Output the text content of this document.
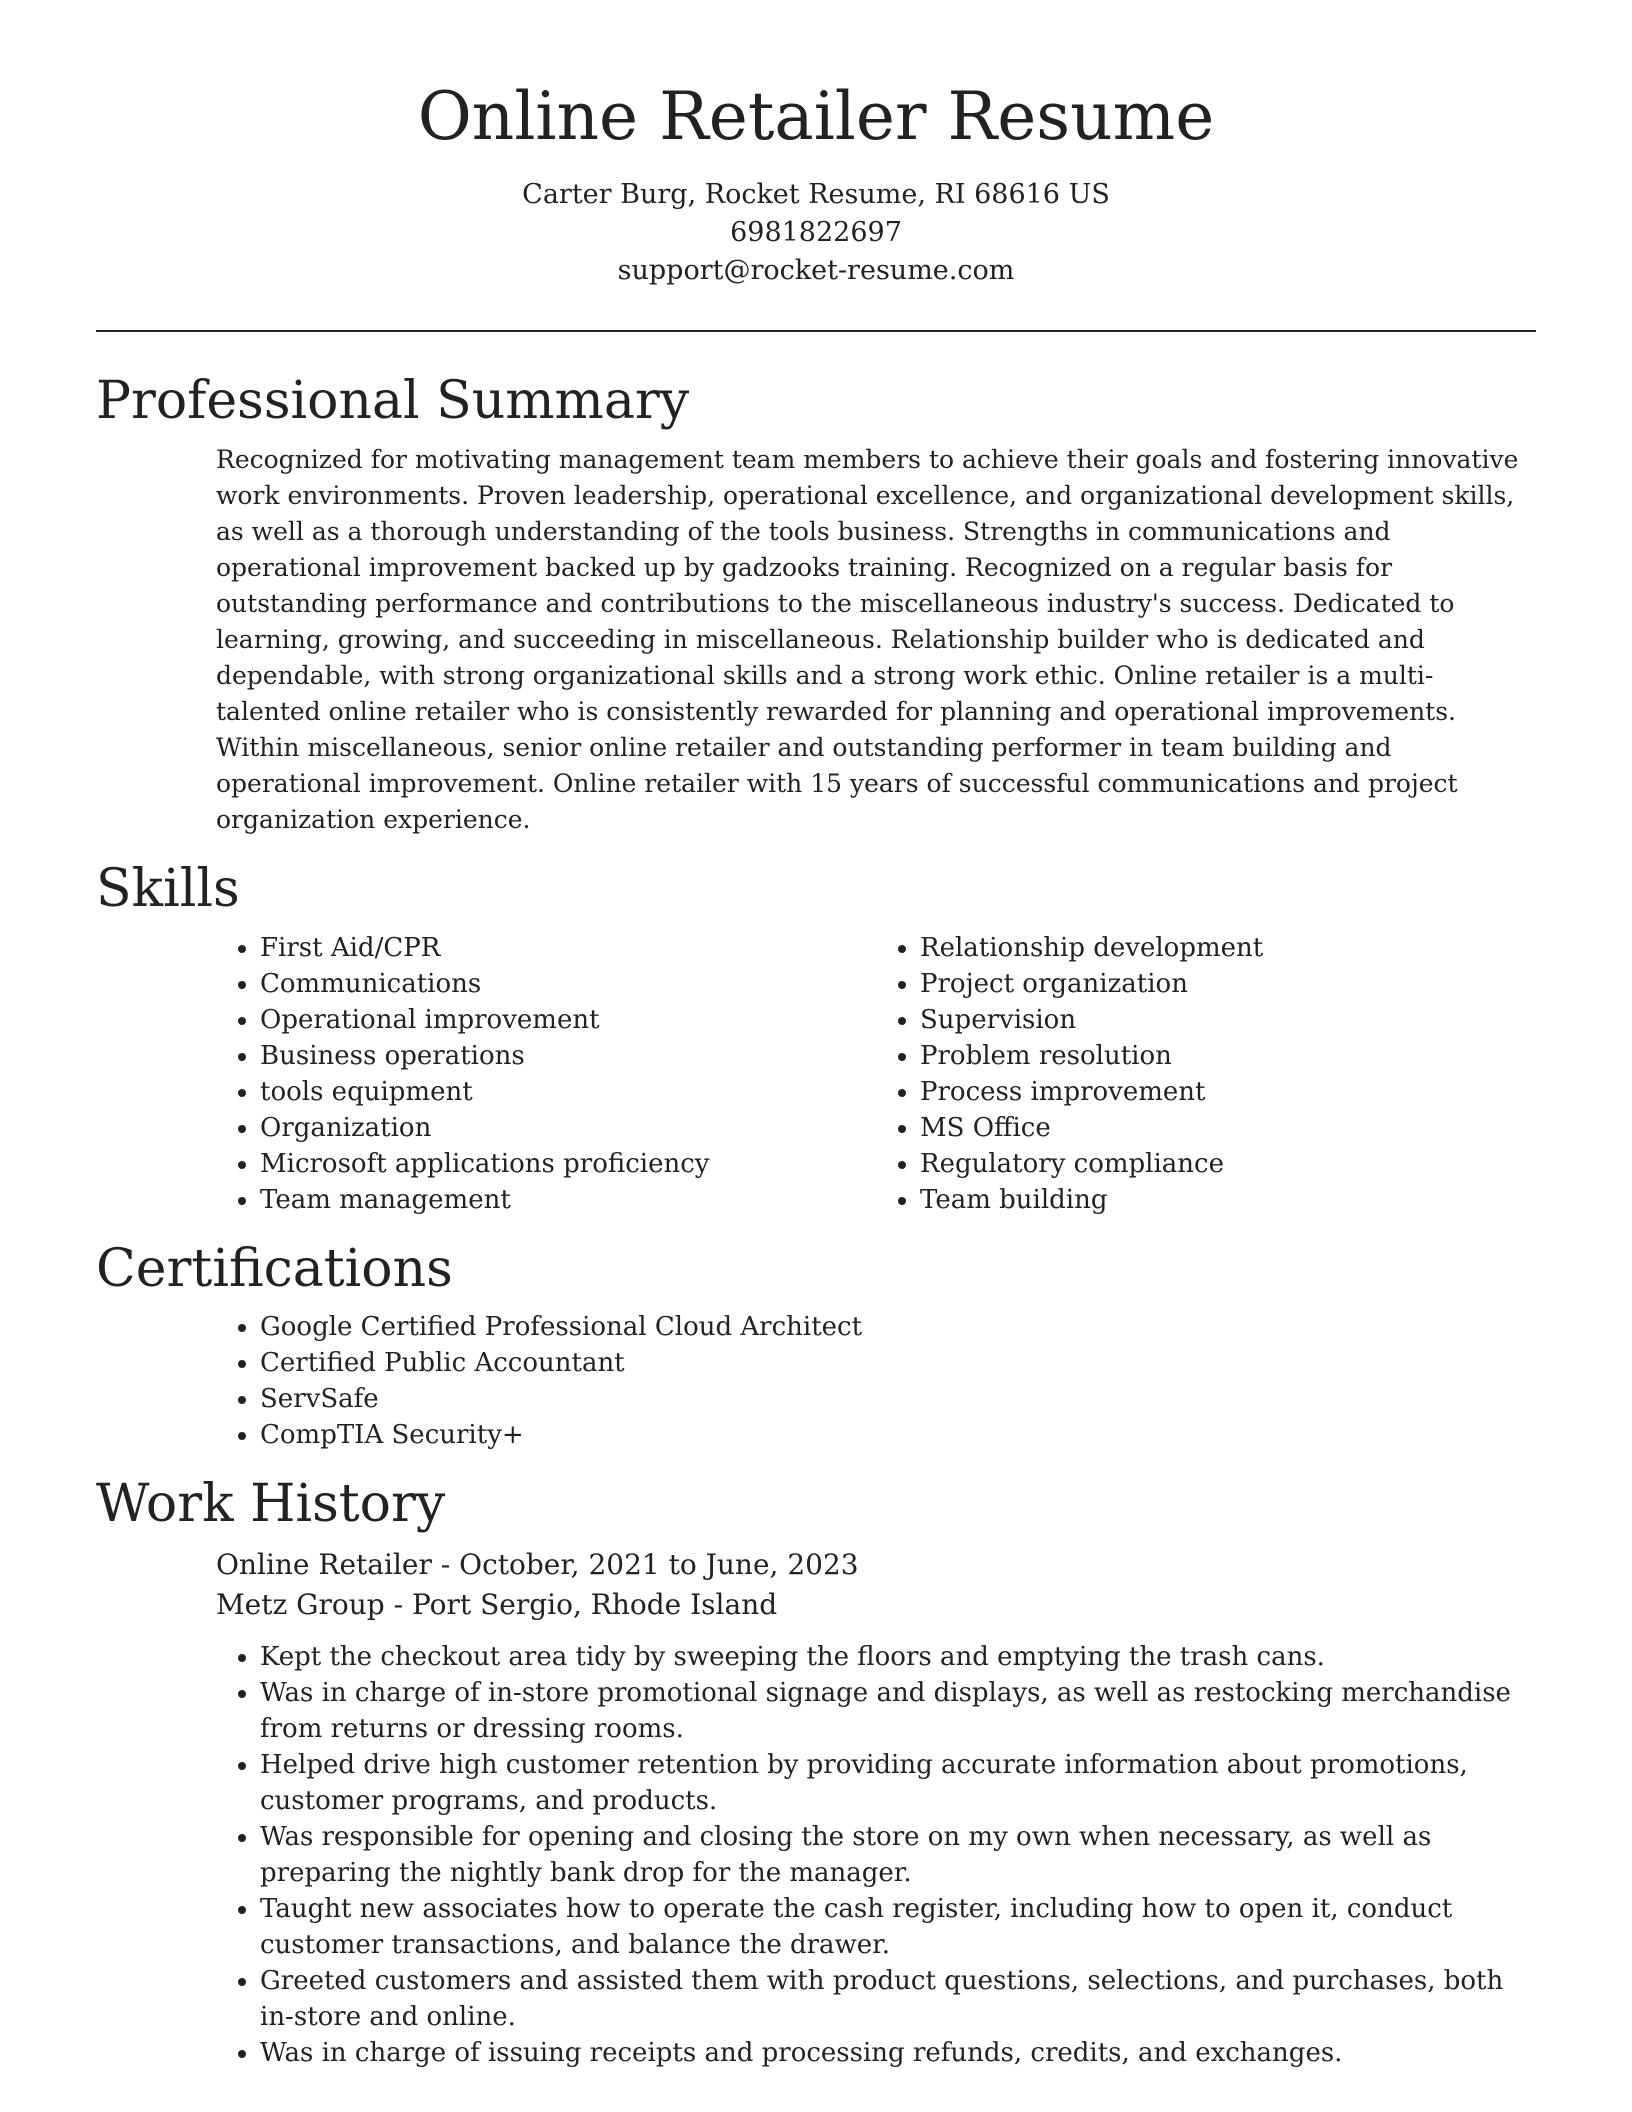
Online Retailer Resume
Carter Burg, Rocket Resume, RI 68616 US
6981822697
support@rocket-resume.com
Professional Summary

Recognized for motivating management team members to achieve their goals and fostering innovative work environments. Proven leadership, operational excellence, and organizational development skills, as well as a thorough understanding of the tools business. Strengths in communications and operational improvement backed up by gadzooks training. Recognized on a regular basis for outstanding performance and contributions to the miscellaneous industry's success. Dedicated to learning, growing, and succeeding in miscellaneous. Relationship builder who is dedicated and dependable, with strong organizational skills and a strong work ethic. Online retailer is a multi-talented online retailer who is consistently rewarded for planning and operational improvements. Within miscellaneous, senior online retailer and outstanding performer in team building and operational improvement. Online retailer with 15 years of successful communications and project organization experience.

Skills
• First Aid/CPR
• Communications
• Operational improvement
• Business operations
• tools equipment
• Organization
• Microsoft applications proficiency
• Team management
• Relationship development
• Project organization
• Supervision
• Problem resolution
• Process improvement
• MS Office
• Regulatory compliance
• Team building
Certifications
• Google Certified Professional Cloud Architect
• Certified Public Accountant
• ServSafe
• CompTIA Security+
Work History
Online Retailer - October, 2021 to June, 2023
Metz Group - Port Sergio, Rhode Island
• Kept the checkout area tidy by sweeping the floors and emptying the trash cans.
• Was in charge of in-store promotional signage and displays, as well as restocking merchandise from returns or dressing rooms.
• Helped drive high customer retention by providing accurate information about promotions, customer programs, and products.
• Was responsible for opening and closing the store on my own when necessary, as well as preparing the nightly bank drop for the manager.
• Taught new associates how to operate the cash register, including how to open it, conduct customer transactions, and balance the drawer.
• Greeted customers and assisted them with product questions, selections, and purchases, both in-store and online.
• Was in charge of issuing receipts and processing refunds, credits, and exchanges.
